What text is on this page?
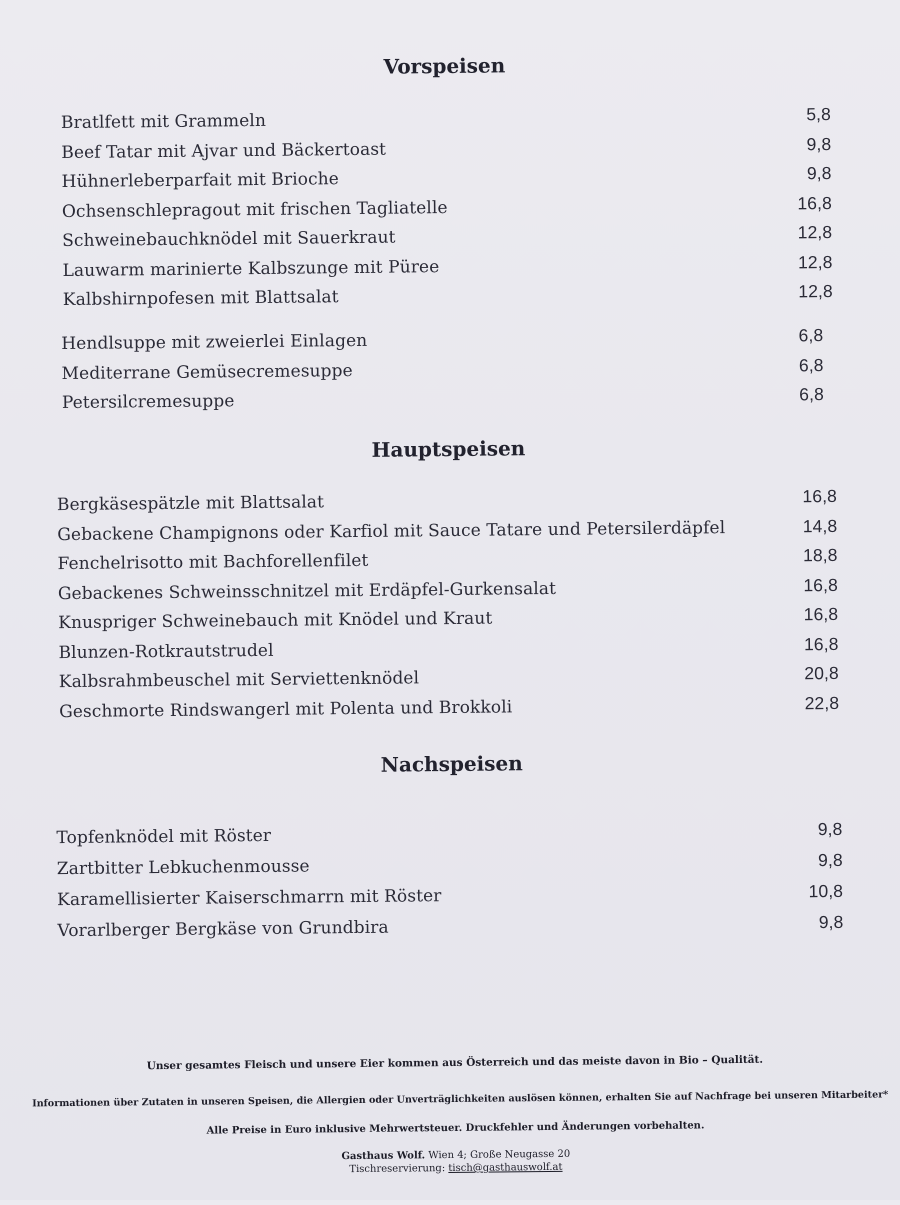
Vorspeisen
Bratlfett mit Grammeln	5,8
Beef Tatar mit Ajvar und Bäckertoast	9,8
Hühnerleberparfait mit Brioche	9,8
Ochsenschlepragout mit frischen Tagliatelle	16,8
Schweinebauchknödel mit Sauerkraut	12,8
Lauwarm marinierte Kalbszunge mit Püree	12,8
Kalbshirnpofesen mit Blattsalat	12,8
Hendlsuppe mit zweierlei Einlagen	6,8
Mediterrane Gemüsecremesuppe	6,8
Petersilcremesuppe	6,8
Hauptspeisen
Bergkäsespätzle mit Blattsalat	16,8
Gebackene Champignons oder Karfiol mit Sauce Tatare und Petersilerdäpfel	14,8
Fenchelrisotto mit Bachforellenfilet	18,8
Gebackenes Schweinsschnitzel mit Erdäpfel-Gurkensalat	16,8
Knuspriger Schweinebauch mit Knödel und Kraut	16,8
Blunzen-Rotkrautstrudel	16,8
Kalbsrahmbeuschel mit Serviettenknödel	20,8
Geschmorte Rindswangerl mit Polenta und Brokkoli	22,8
Nachspeisen
Topfenknödel mit Röster	9,8
Zartbitter Lebkuchenmousse	9,8
Karamellisierter Kaiserschmarrn mit Röster	10,8
Vorarlberger Bergkäse von Grundbira	9,8
Unser gesamtes Fleisch und unsere Eier kommen aus Österreich und das meiste davon in Bio – Qualität.
Informationen über Zutaten in unseren Speisen, die Allergien oder Unverträglichkeiten auslösen können, erhalten Sie auf Nachfrage bei unseren Mitarbeiter*
Alle Preise in Euro inklusive Mehrwertsteuer. Druckfehler und Änderungen vorbehalten.
Gasthaus Wolf. Wien 4; Große Neugasse 20
Tischreservierung: tisch@gasthauswolf.at
